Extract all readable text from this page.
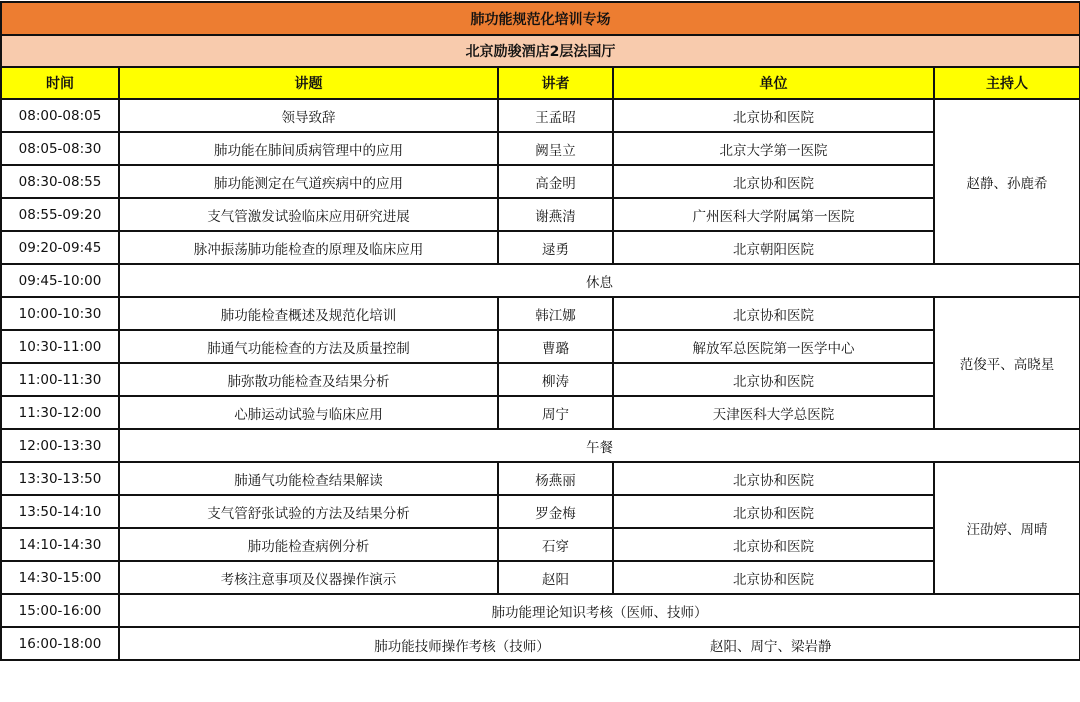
肺功能规范化培训专场				
北京励骏酒店2层法国厅				
时间	讲题	讲者	单位	主持人
08:00-08:05	领导致辞	王孟昭	北京协和医院	赵静、孙鹿希
08:05-08:30	肺功能在肺间质病管理中的应用	阙呈立	北京大学第一医院	
08:30-08:55	肺功能测定在气道疾病中的应用	高金明	北京协和医院	
08:55-09:20	支气管激发试验临床应用研究进展	谢燕清	广州医科大学附属第一医院	
09:20-09:45	脉冲振荡肺功能检查的原理及临床应用	逯勇	北京朝阳医院	
09:45-10:00	休息			
10:00-10:30	肺功能检查概述及规范化培训	韩江娜	北京协和医院	范俊平、高晓星
10:30-11:00	肺通气功能检查的方法及质量控制	曹璐	解放军总医院第一医学中心	
11:00-11:30	肺弥散功能检查及结果分析	柳涛	北京协和医院	
11:30-12:00	心肺运动试验与临床应用	周宁	天津医科大学总医院	
12:00-13:30	午餐			
13:30-13:50	肺通气功能检查结果解读	杨燕丽	北京协和医院	汪劭婷、周晴
13:50-14:10	支气管舒张试验的方法及结果分析	罗金梅	北京协和医院	
14:10-14:30	肺功能检查病例分析	石穿	北京协和医院	
14:30-15:00	考核注意事项及仪器操作演示	赵阳	北京协和医院	
15:00-16:00	肺功能理论知识考核（医师、技师）			
16:00-18:00	肺功能技师操作考核（技师） 赵阳、周宁、梁岩静			
